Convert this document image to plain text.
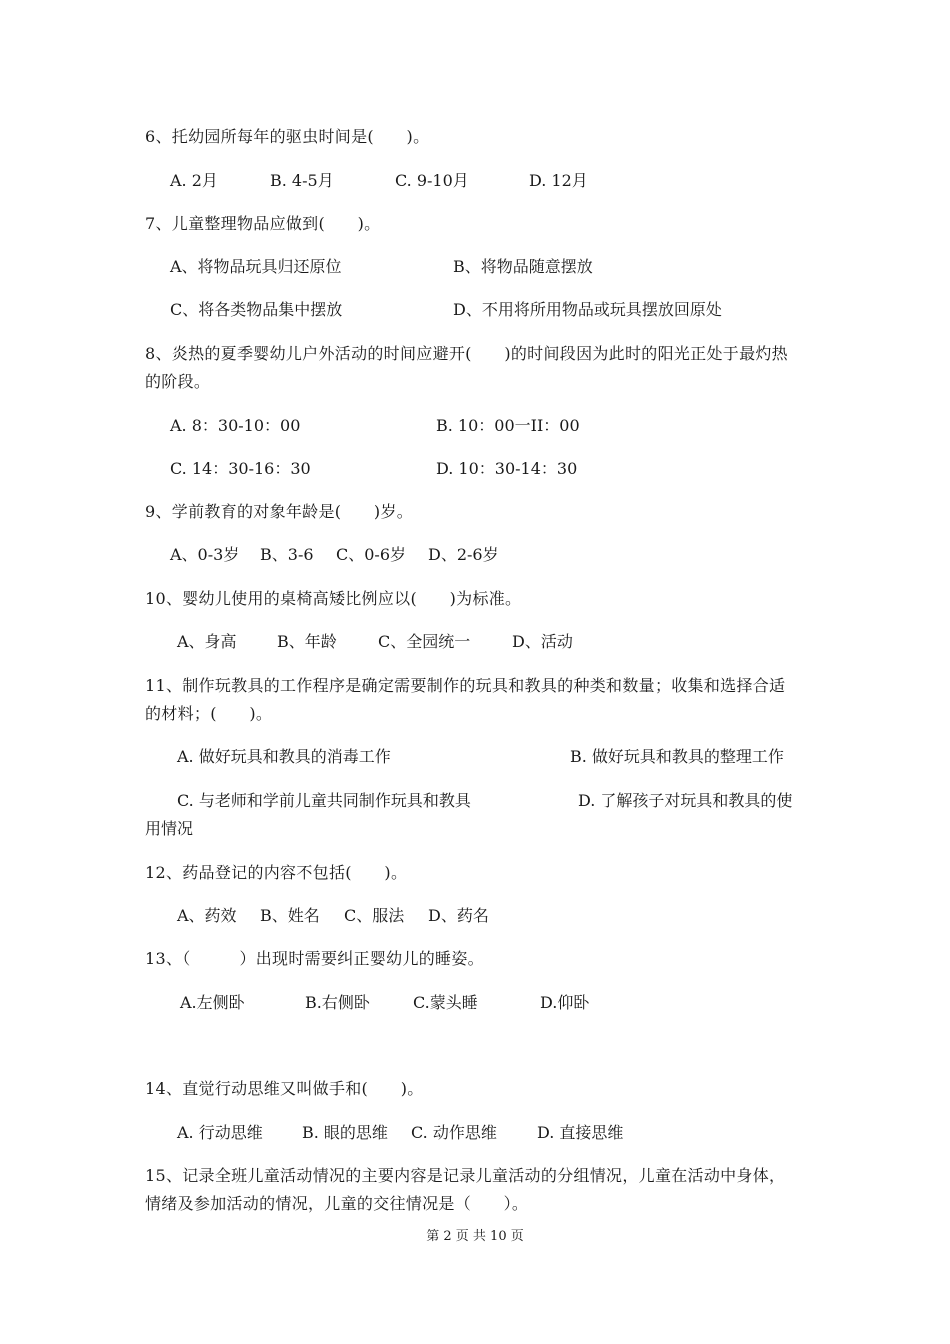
6、托幼园所每年的驱虫时间是(　　)。
A. 2月	B. 4-5月	C. 9-10月	D. 12月
7、儿童整理物品应做到(　　)。
A、将物品玩具归还原位	B、将物品随意摆放
C、将各类物品集中摆放	D、不用将所用物品或玩具摆放回原处
8、炎热的夏季婴幼儿户外活动的时间应避开(　　)的时间段因为此时的阳光正处于最灼热
的阶段。
A. 8：30-10：00	B. 10：00一II：00
C. 14：30-16：30	D. 10：30-14：30
9、学前教育的对象年龄是(　　)岁。
A、0-3岁 B、3-6 C、0-6岁 D、2-6岁
10、婴幼儿使用的桌椅高矮比例应以(　　)为标准。
A、身高	B、年龄	C、全园统一	D、活动
11、制作玩教具的工作程序是确定需要制作的玩具和教具的种类和数量；收集和选择合适
的材料；(　　)。
A. 做好玩具和教具的消毒工作	B. 做好玩具和教具的整理工作
C. 与老师和学前儿童共同制作玩具和教具	D. 了解孩子对玩具和教具的使
用情况
12、药品登记的内容不包括(　　)。
A、药效 B、姓名 C、服法 D、药名
13、（　　　）出现时需要纠正婴幼儿的睡姿。
A.左侧卧	B.右侧卧	C.蒙头睡	D.仰卧
14、直觉行动思维又叫做手和(　　)。
A. 行动思维 B. 眼的思维 C. 动作思维	D. 直接思维
15、记录全班儿童活动情况的主要内容是记录儿童活动的分组情况，儿童在活动中身体，
情绪及参加活动的情况，儿童的交往情况是（　　）。
第 2 页 共 10 页
